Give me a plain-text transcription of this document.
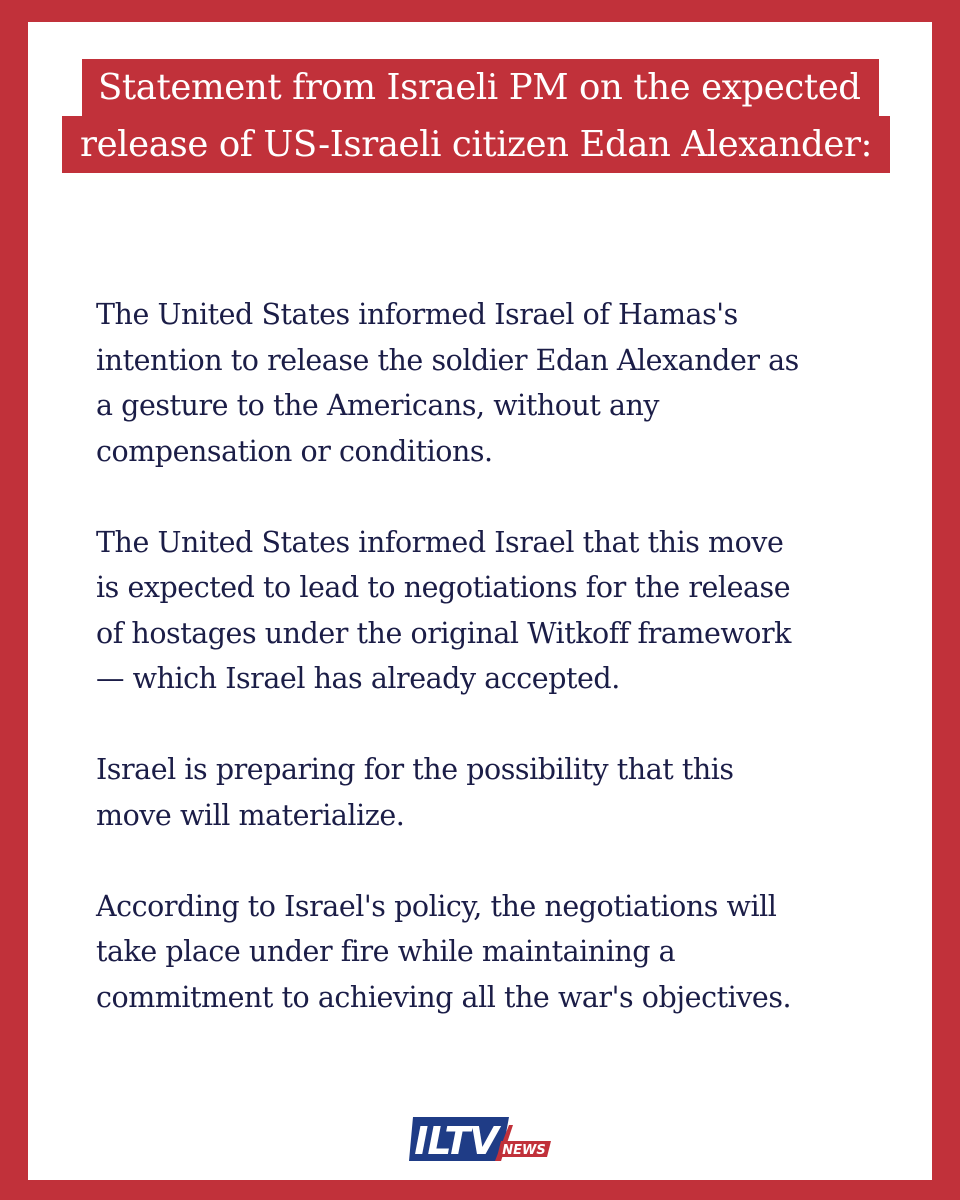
Statement from Israeli PM on the expected
release of US-Israeli citizen Edan Alexander:

The United States informed Israel of Hamas's
intention to release the soldier Edan Alexander as
a gesture to the Americans, without any
compensation or conditions.

The United States informed Israel that this move
is expected to lead to negotiations for the release
of hostages under the original Witkoff framework
— which Israel has already accepted.

Israel is preparing for the possibility that this
move will materialize.

According to Israel's policy, the negotiations will
take place under fire while maintaining a
commitment to achieving all the war's objectives.

ILTV NEWS
